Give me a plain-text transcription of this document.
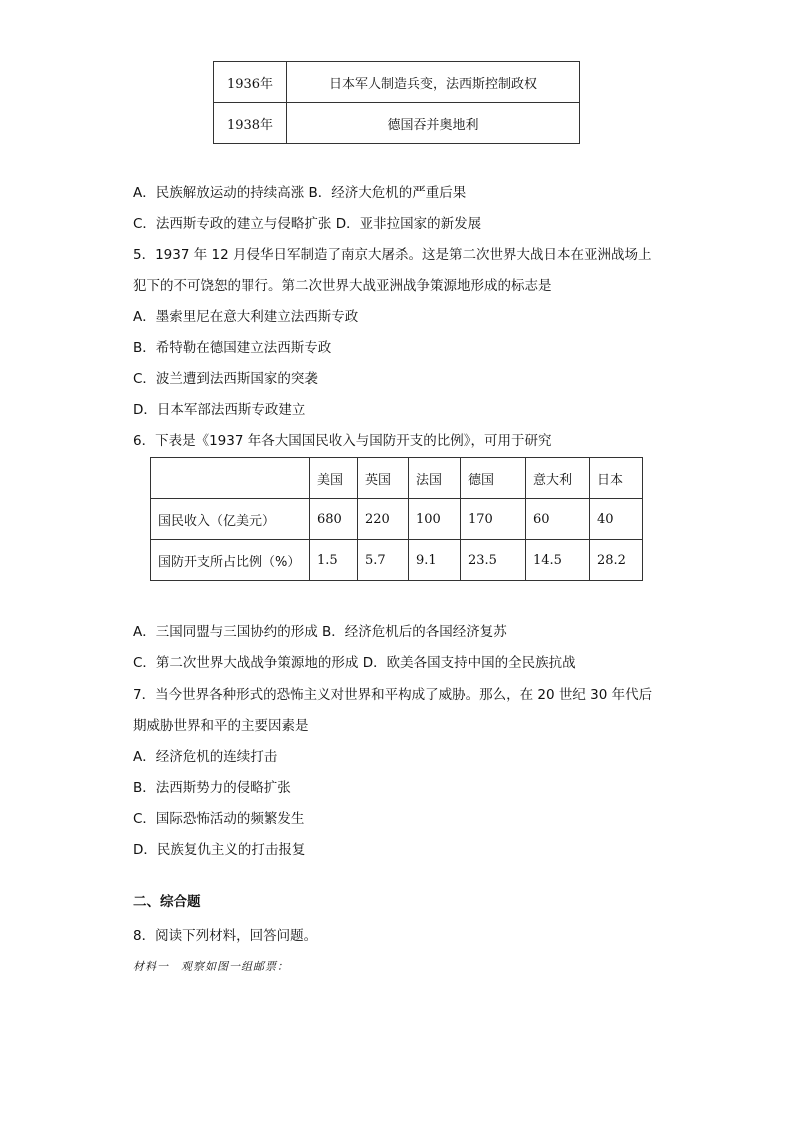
1936年	日本军人制造兵变，法西斯控制政权
1938年	德国吞并奥地利
A．民族解放运动的持续高涨 B．经济大危机的严重后果
C．法西斯专政的建立与侵略扩张 D．亚非拉国家的新发展
5．1937 年 12 月侵华日军制造了南京大屠杀。这是第二次世界大战日本在亚洲战场上
犯下的不可饶恕的罪行。第二次世界大战亚洲战争策源地形成的标志是
A．墨索里尼在意大利建立法西斯专政
B．希特勒在德国建立法西斯专政
C．波兰遭到法西斯国家的突袭
D．日本军部法西斯专政建立
6．下表是《1937 年各大国国民收入与国防开支的比例》，可用于研究
	美国	英国	法国	德国	意大利	日本
国民收入（亿美元）	680	220	100	170	60	40
国防开支所占比例（%）	1.5	5.7	9.1	23.5	14.5	28.2
A．三国同盟与三国协约的形成 B．经济危机后的各国经济复苏
C．第二次世界大战战争策源地的形成 D．欧美各国支持中国的全民族抗战
7．当今世界各种形式的恐怖主义对世界和平构成了威胁。那么，在 20 世纪 30 年代后
期威胁世界和平的主要因素是
A．经济危机的连续打击
B．法西斯势力的侵略扩张
C．国际恐怖活动的频繁发生
D．民族复仇主义的打击报复
二、综合题
8．阅读下列材料，回答问题。
材料一　观察如图一组邮票：
